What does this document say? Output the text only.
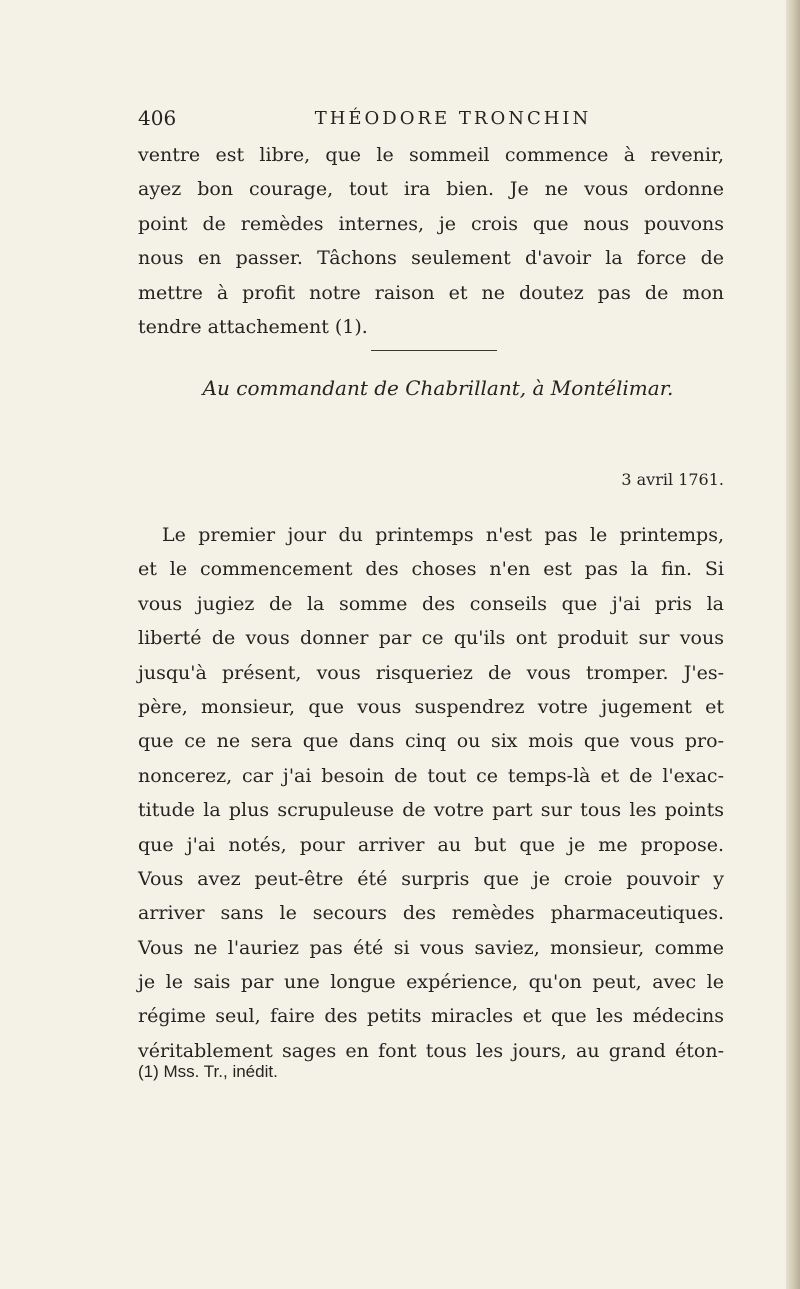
406	THÉODORE TRONCHIN
ventre est libre, que le sommeil commence à revenir,
ayez bon courage, tout ira bien. Je ne vous ordonne
point de remèdes internes, je crois que nous pouvons
nous en passer. Tâchons seulement d'avoir la force de
mettre à profit notre raison et ne doutez pas de mon
tendre attachement (1).
Au commandant de Chabrillant, à Montélimar.
3 avril 1761.
Le premier jour du printemps n'est pas le printemps,
et le commencement des choses n'en est pas la fin. Si
vous jugiez de la somme des conseils que j'ai pris la
liberté de vous donner par ce qu'ils ont produit sur vous
jusqu'à présent, vous risqueriez de vous tromper. J'es-
père, monsieur, que vous suspendrez votre jugement et
que ce ne sera que dans cinq ou six mois que vous pro-
noncerez, car j'ai besoin de tout ce temps-là et de l'exac-
titude la plus scrupuleuse de votre part sur tous les points
que j'ai notés, pour arriver au but que je me propose.
Vous avez peut-être été surpris que je croie pouvoir y
arriver sans le secours des remèdes pharmaceutiques.
Vous ne l'auriez pas été si vous saviez, monsieur, comme
je le sais par une longue expérience, qu'on peut, avec le
régime seul, faire des petits miracles et que les médecins
véritablement sages en font tous les jours, au grand éton-
(1) Mss. Tr., inédit.
